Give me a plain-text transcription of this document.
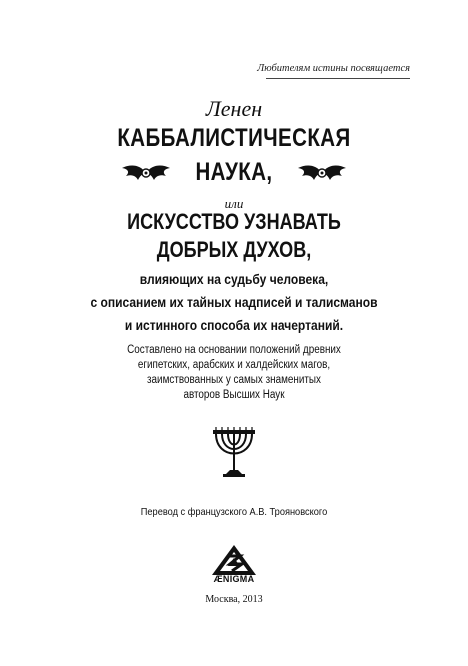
Любителям истины посвящается
Ленен
КАББАЛИСТИЧЕСКАЯ
НАУКА,
или
ИСКУССТВО УЗНАВАТЬ
ДОБРЫХ ДУХОВ,
влияющих на судьбу человека,
с описанием их тайных надписей и талисманов
и истинного способа их начертаний.
Составлено на основании положений древних
египетских, арабских и халдейских магов,
заимствованных у самых знаменитых
авторов Высших Наук
Перевод с французского А.В. Трояновского
ÆNIGMA
Москва, 2013
